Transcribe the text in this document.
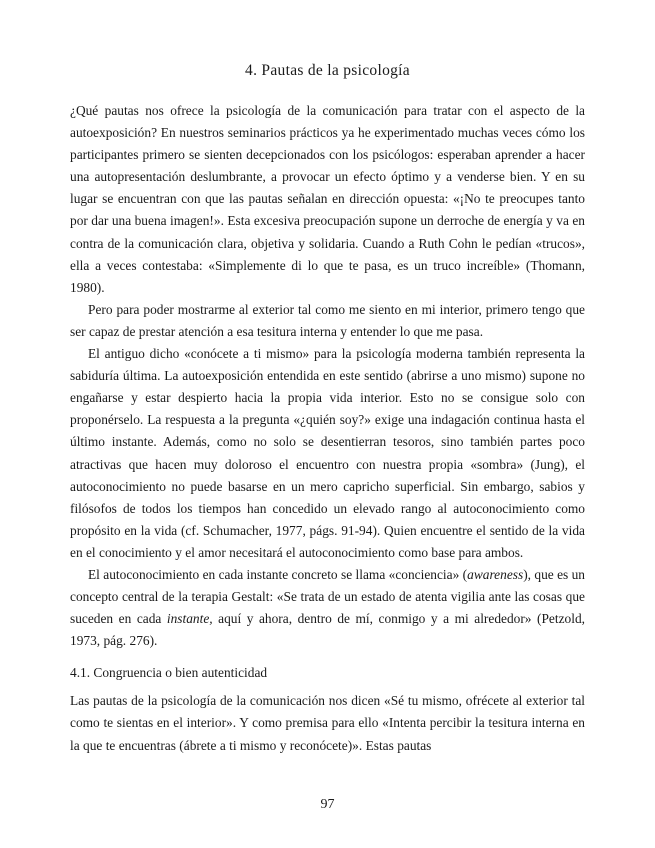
4. Pautas de la psicología

¿Qué pautas nos ofrece la psicología de la comunicación para tratar con el aspecto de la autoexposición? En nuestros seminarios prácticos ya he experimentado muchas veces cómo los participantes primero se sienten decepcionados con los psicólogos: esperaban aprender a hacer una autopresentación deslumbrante, a provocar un efecto óptimo y a venderse bien. Y en su lugar se encuentran con que las pautas señalan en dirección opuesta: «¡No te preocupes tanto por dar una buena imagen!». Esta excesiva preocupación supone un derroche de energía y va en contra de la comunicación clara, objetiva y solidaria. Cuando a Ruth Cohn le pedían «trucos», ella a veces contestaba: «Simplemente di lo que te pasa, es un truco increíble» (Thomann, 1980).

Pero para poder mostrarme al exterior tal como me siento en mi interior, primero tengo que ser capaz de prestar atención a esa tesitura interna y entender lo que me pasa.

El antiguo dicho «conócete a ti mismo» para la psicología moderna también representa la sabiduría última. La autoexposición entendida en este sentido (abrirse a uno mismo) supone no engañarse y estar despierto hacia la propia vida interior. Esto no se consigue solo con proponérselo. La respuesta a la pregunta «¿quién soy?» exige una indagación continua hasta el último instante. Además, como no solo se desentierran tesoros, sino también partes poco atractivas que hacen muy doloroso el encuentro con nuestra propia «sombra» (Jung), el autoconocimiento no puede basarse en un mero capricho superficial. Sin embargo, sabios y filósofos de todos los tiempos han concedido un elevado rango al autoconocimiento como propósito en la vida (cf. Schumacher, 1977, págs. 91-94). Quien encuentre el sentido de la vida en el conocimiento y el amor necesitará el autoconocimiento como base para ambos.

El autoconocimiento en cada instante concreto se llama «conciencia» (awareness), que es un concepto central de la terapia Gestalt: «Se trata de un estado de atenta vigilia ante las cosas que suceden en cada instante, aquí y ahora, dentro de mí, conmigo y a mi alrededor» (Petzold, 1973, pág. 276).

4.1. Congruencia o bien autenticidad

Las pautas de la psicología de la comunicación nos dicen «Sé tu mismo, ofrécete al exterior tal como te sientas en el interior». Y como premisa para ello «Intenta percibir la tesitura interna en la que te encuentras (ábrete a ti mismo y reconócete)». Estas pautas

97
